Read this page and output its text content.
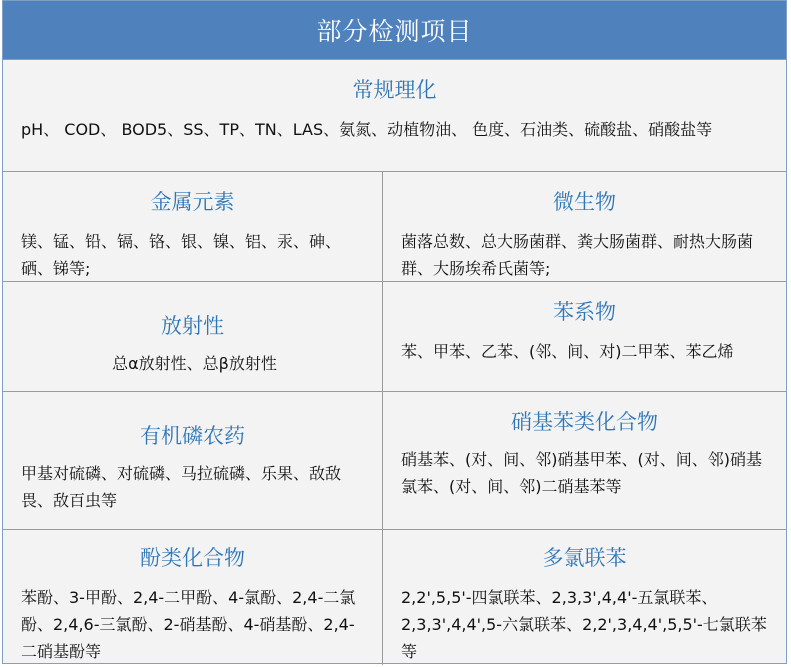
部分检测项目
常规理化
pH、 COD、 BOD5、SS、TP、TN、LAS、氨氮、动植物油、 色度、石油类、硫酸盐、硝酸盐等
金属元素
镁、锰、铅、镉、铬、银、镍、铝、汞、砷、硒、锑等;
微生物
菌落总数、总大肠菌群、粪大肠菌群、耐热大肠菌群、大肠埃希氏菌等;
放射性
总α放射性、总β放射性
苯系物
苯、甲苯、乙苯、(邻、间、对)二甲苯、苯乙烯
有机磷农药
甲基对硫磷、对硫磷、马拉硫磷、乐果、敌敌畏、敌百虫等
硝基苯类化合物
硝基苯、(对、间、邻)硝基甲苯、(对、间、邻)硝基氯苯、(对、间、邻)二硝基苯等
酚类化合物
苯酚、3-甲酚、2,4-二甲酚、4-氯酚、2,4-二氯酚、2,4,6-三氯酚、2-硝基酚、4-硝基酚、2,4-二硝基酚等
多氯联苯
2,2',5,5'-四氯联苯、2,3,3',4,4'-五氯联苯、2,3,3',4,4',5-六氯联苯、2,2',3,4,4',5,5'-七氯联苯等
